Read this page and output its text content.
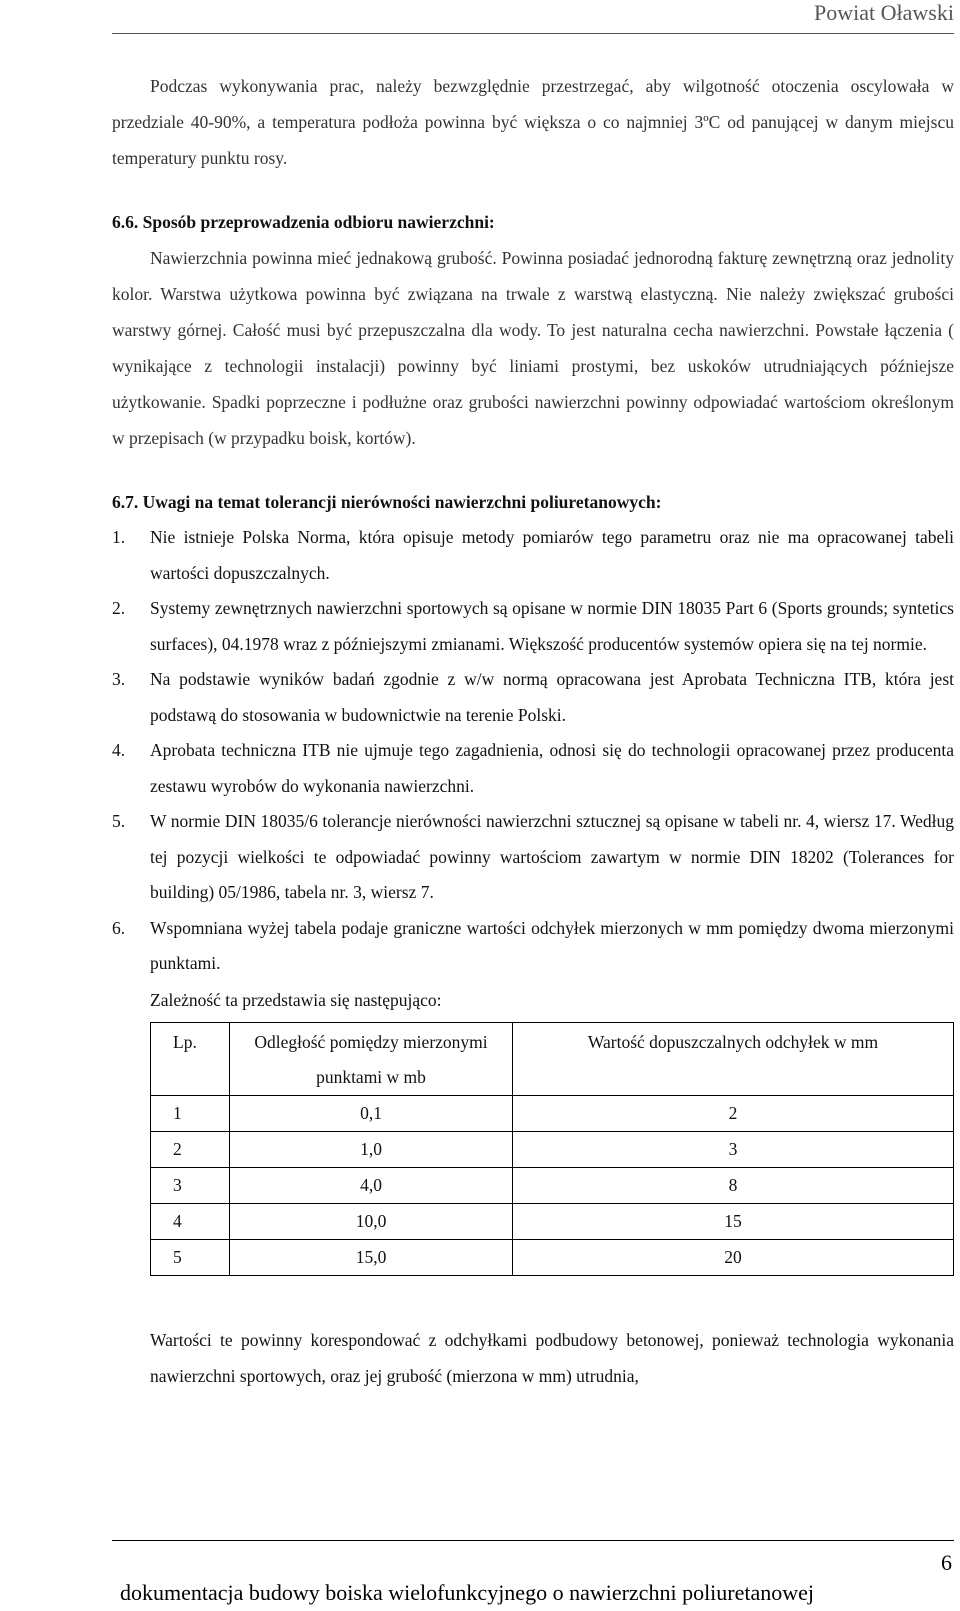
Powiat Oławski

Podczas wykonywania prac, należy bezwzględnie przestrzegać, aby wilgotność otoczenia oscylowała w przedziale 40-90%, a temperatura podłoża powinna być większa o co najmniej 3ºC od panującej w danym miejscu temperatury punktu rosy.

6.6. Sposób przeprowadzenia odbioru nawierzchni:

Nawierzchnia powinna mieć jednakową grubość. Powinna posiadać jednorodną fakturę zewnętrzną oraz jednolity kolor. Warstwa użytkowa powinna być związana na trwale z warstwą elastyczną. Nie należy zwiększać grubości warstwy górnej. Całość musi być przepuszczalna dla wody. To jest naturalna cecha nawierzchni. Powstałe łączenia ( wynikające z technologii instalacji) powinny być liniami prostymi, bez uskoków utrudniających późniejsze użytkowanie. Spadki poprzeczne i podłużne oraz grubości nawierzchni powinny odpowiadać wartościom określonym w przepisach (w przypadku boisk, kortów).

6.7. Uwagi na temat tolerancji nierówności nawierzchni poliuretanowych:

1. Nie istnieje Polska Norma, która opisuje metody pomiarów tego parametru oraz nie ma opracowanej tabeli wartości dopuszczalnych.
2. Systemy zewnętrznych nawierzchni sportowych są opisane w normie DIN 18035 Part 6 (Sports grounds; syntetics surfaces), 04.1978 wraz z późniejszymi zmianami. Większość producentów systemów opiera się na tej normie.
3. Na podstawie wyników badań zgodnie z w/w normą opracowana jest Aprobata Techniczna ITB, która jest podstawą do stosowania w budownictwie na terenie Polski.
4. Aprobata techniczna ITB nie ujmuje tego zagadnienia, odnosi się do technologii opracowanej przez producenta zestawu wyrobów do wykonania nawierzchni.
5. W normie DIN 18035/6 tolerancje nierówności nawierzchni sztucznej są opisane w tabeli nr. 4, wiersz 17. Według tej pozycji wielkości te odpowiadać powinny wartościom zawartym w normie DIN 18202 (Tolerances for building) 05/1986, tabela nr. 3, wiersz 7.
6. Wspomniana wyżej tabela podaje graniczne wartości odchyłek mierzonych w mm pomiędzy dwoma mierzonymi punktami.

Zależność ta przedstawia się następująco:

Lp.	Odległość pomiędzy mierzonymi punktami w mb	Wartość dopuszczalnych odchyłek w mm
1	0,1	2
2	1,0	3
3	4,0	8
4	10,0	15
5	15,0	20

Wartości te powinny korespondować z odchyłkami podbudowy betonowej, ponieważ technologia wykonania nawierzchni sportowych, oraz jej grubość (mierzona w mm) utrudnia,

6
dokumentacja budowy boiska wielofunkcyjnego o nawierzchni poliuretanowej
